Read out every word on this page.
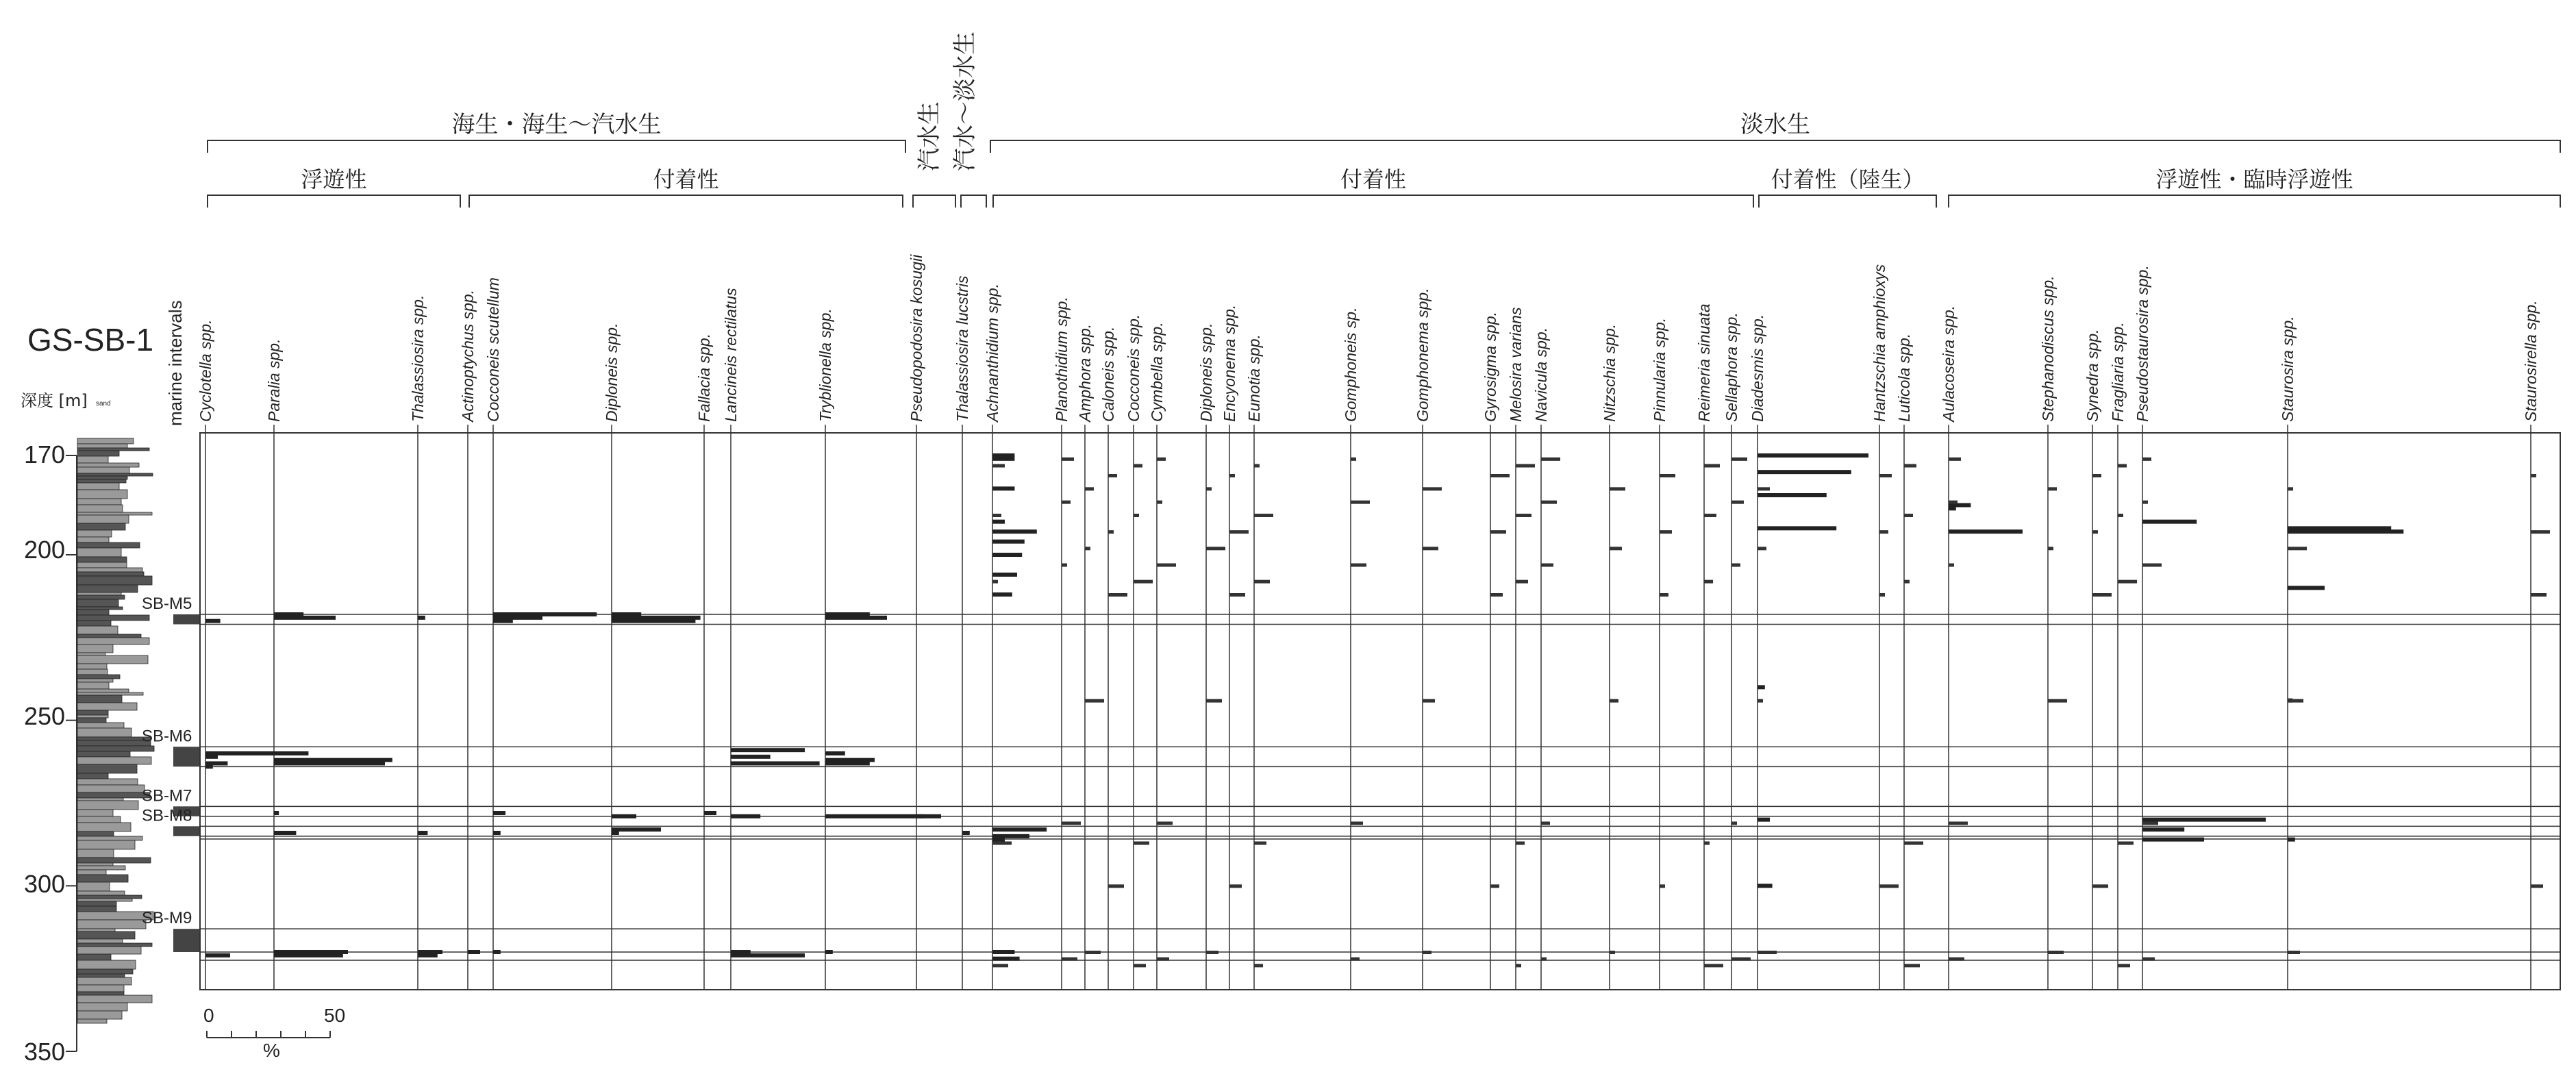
GS-SB-1
深度 [m]	marine intervals
170
200
250
300
350
0	50
%
sand
SB-M5
SB-M6
SB-M7
SB-M8
SB-M9
Cyclotella spp.	Paralia spp.	Thalassiosira spp. Actinoptychus spp. Cocconeis scutellum	Diploneis spp.	Fallacia spp. Lancineis rectilatus	Tryblionella spp.	Pseudopodosira kosugii Thalassiosira lucstris Achnanthidium spp.	Planothidium spp. Amphora spp. Caloneis spp. Cocconeis spp. Cymbella spp. Diploneis spp. Encyonema spp. Eunotia spp.	Gomphoneis sp.	Gomphonema spp.	Gyrosigma spp. Melosira varians Navicula spp.	Nitzschia spp. Pinnularia spp. Reimeria sinuata Sellaphora spp. Diadesmis spp.	Hantzschia amphioxys Luticola spp. Aulacoseira spp.	Stephanodiscus spp. Synedra spp. Fragliaria spp. Pseudostaurosira spp.	Staurosira spp.	Staurosirella spp.
海生・海生～汽水生	淡水生
浮遊性	付着性	付着性	付着性（陸生）	浮遊性・臨時浮遊性
汽水生 汽水～淡水生
